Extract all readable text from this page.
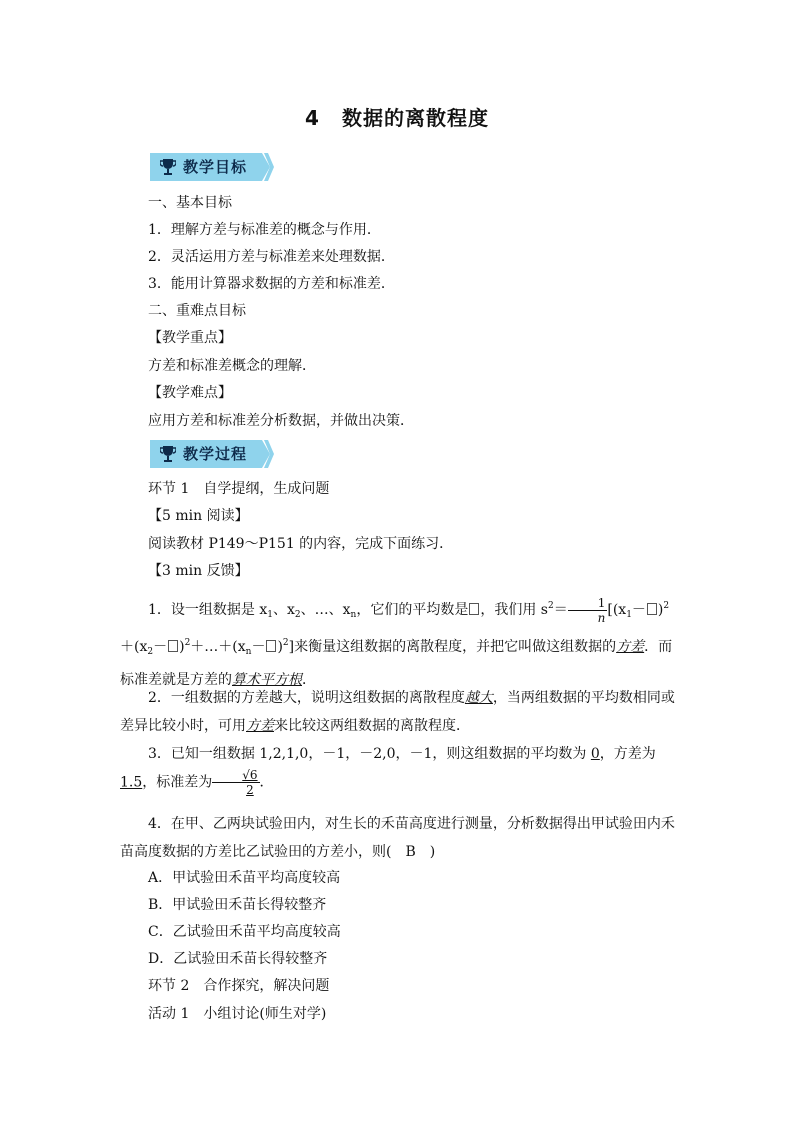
4 数据的离散程度
教学目标
一、基本目标
1．理解方差与标准差的概念与作用．
2．灵活运用方差与标准差来处理数据．
3．能用计算器求数据的方差和标准差．
二、重难点目标
【教学重点】
方差和标准差概念的理解．
【教学难点】
应用方差和标准差分析数据，并做出决策．
教学过程
环节 1　自学提纲，生成问题
【5 min 阅读】
阅读教材 P149～P151 的内容，完成下面练习．
【3 min 反馈】
1．设一组数据是 $x_1$、$x_2$、…、$x_n$，它们的平均数是 ，我们用 $s^2= \frac{1}{n} [(x_1- )^2+(x_2-$ )$^2+\dots+(x_n- )^2$]来衡量这组数据的离散程度，并把它叫做这组数据的方差．而标准差就是方差的算术平方根．
2．一组数据的方差越大，说明这组数据的离散程度越大，当两组数据的平均数相同或差异比较小时，可用方差来比较这两组数据的离散程度．
3．已知一组数据 1,2,1,0，－1，－2,0，－1，则这组数据的平均数为 0，方差为 1.5，标准差为 $\frac{√6}{2}$ ．
4．在甲、乙两块试验田内，对生长的禾苗高度进行测量，分析数据得出甲试验田内禾苗高度数据的方差比乙试验田的方差小，则(　B　)
A．甲试验田禾苗平均高度较高
B．甲试验田禾苗长得较整齐
C．乙试验田禾苗平均高度较高
D．乙试验田禾苗长得较整齐
环节 2　合作探究，解决问题
活动 1　小组讨论(师生对学)
